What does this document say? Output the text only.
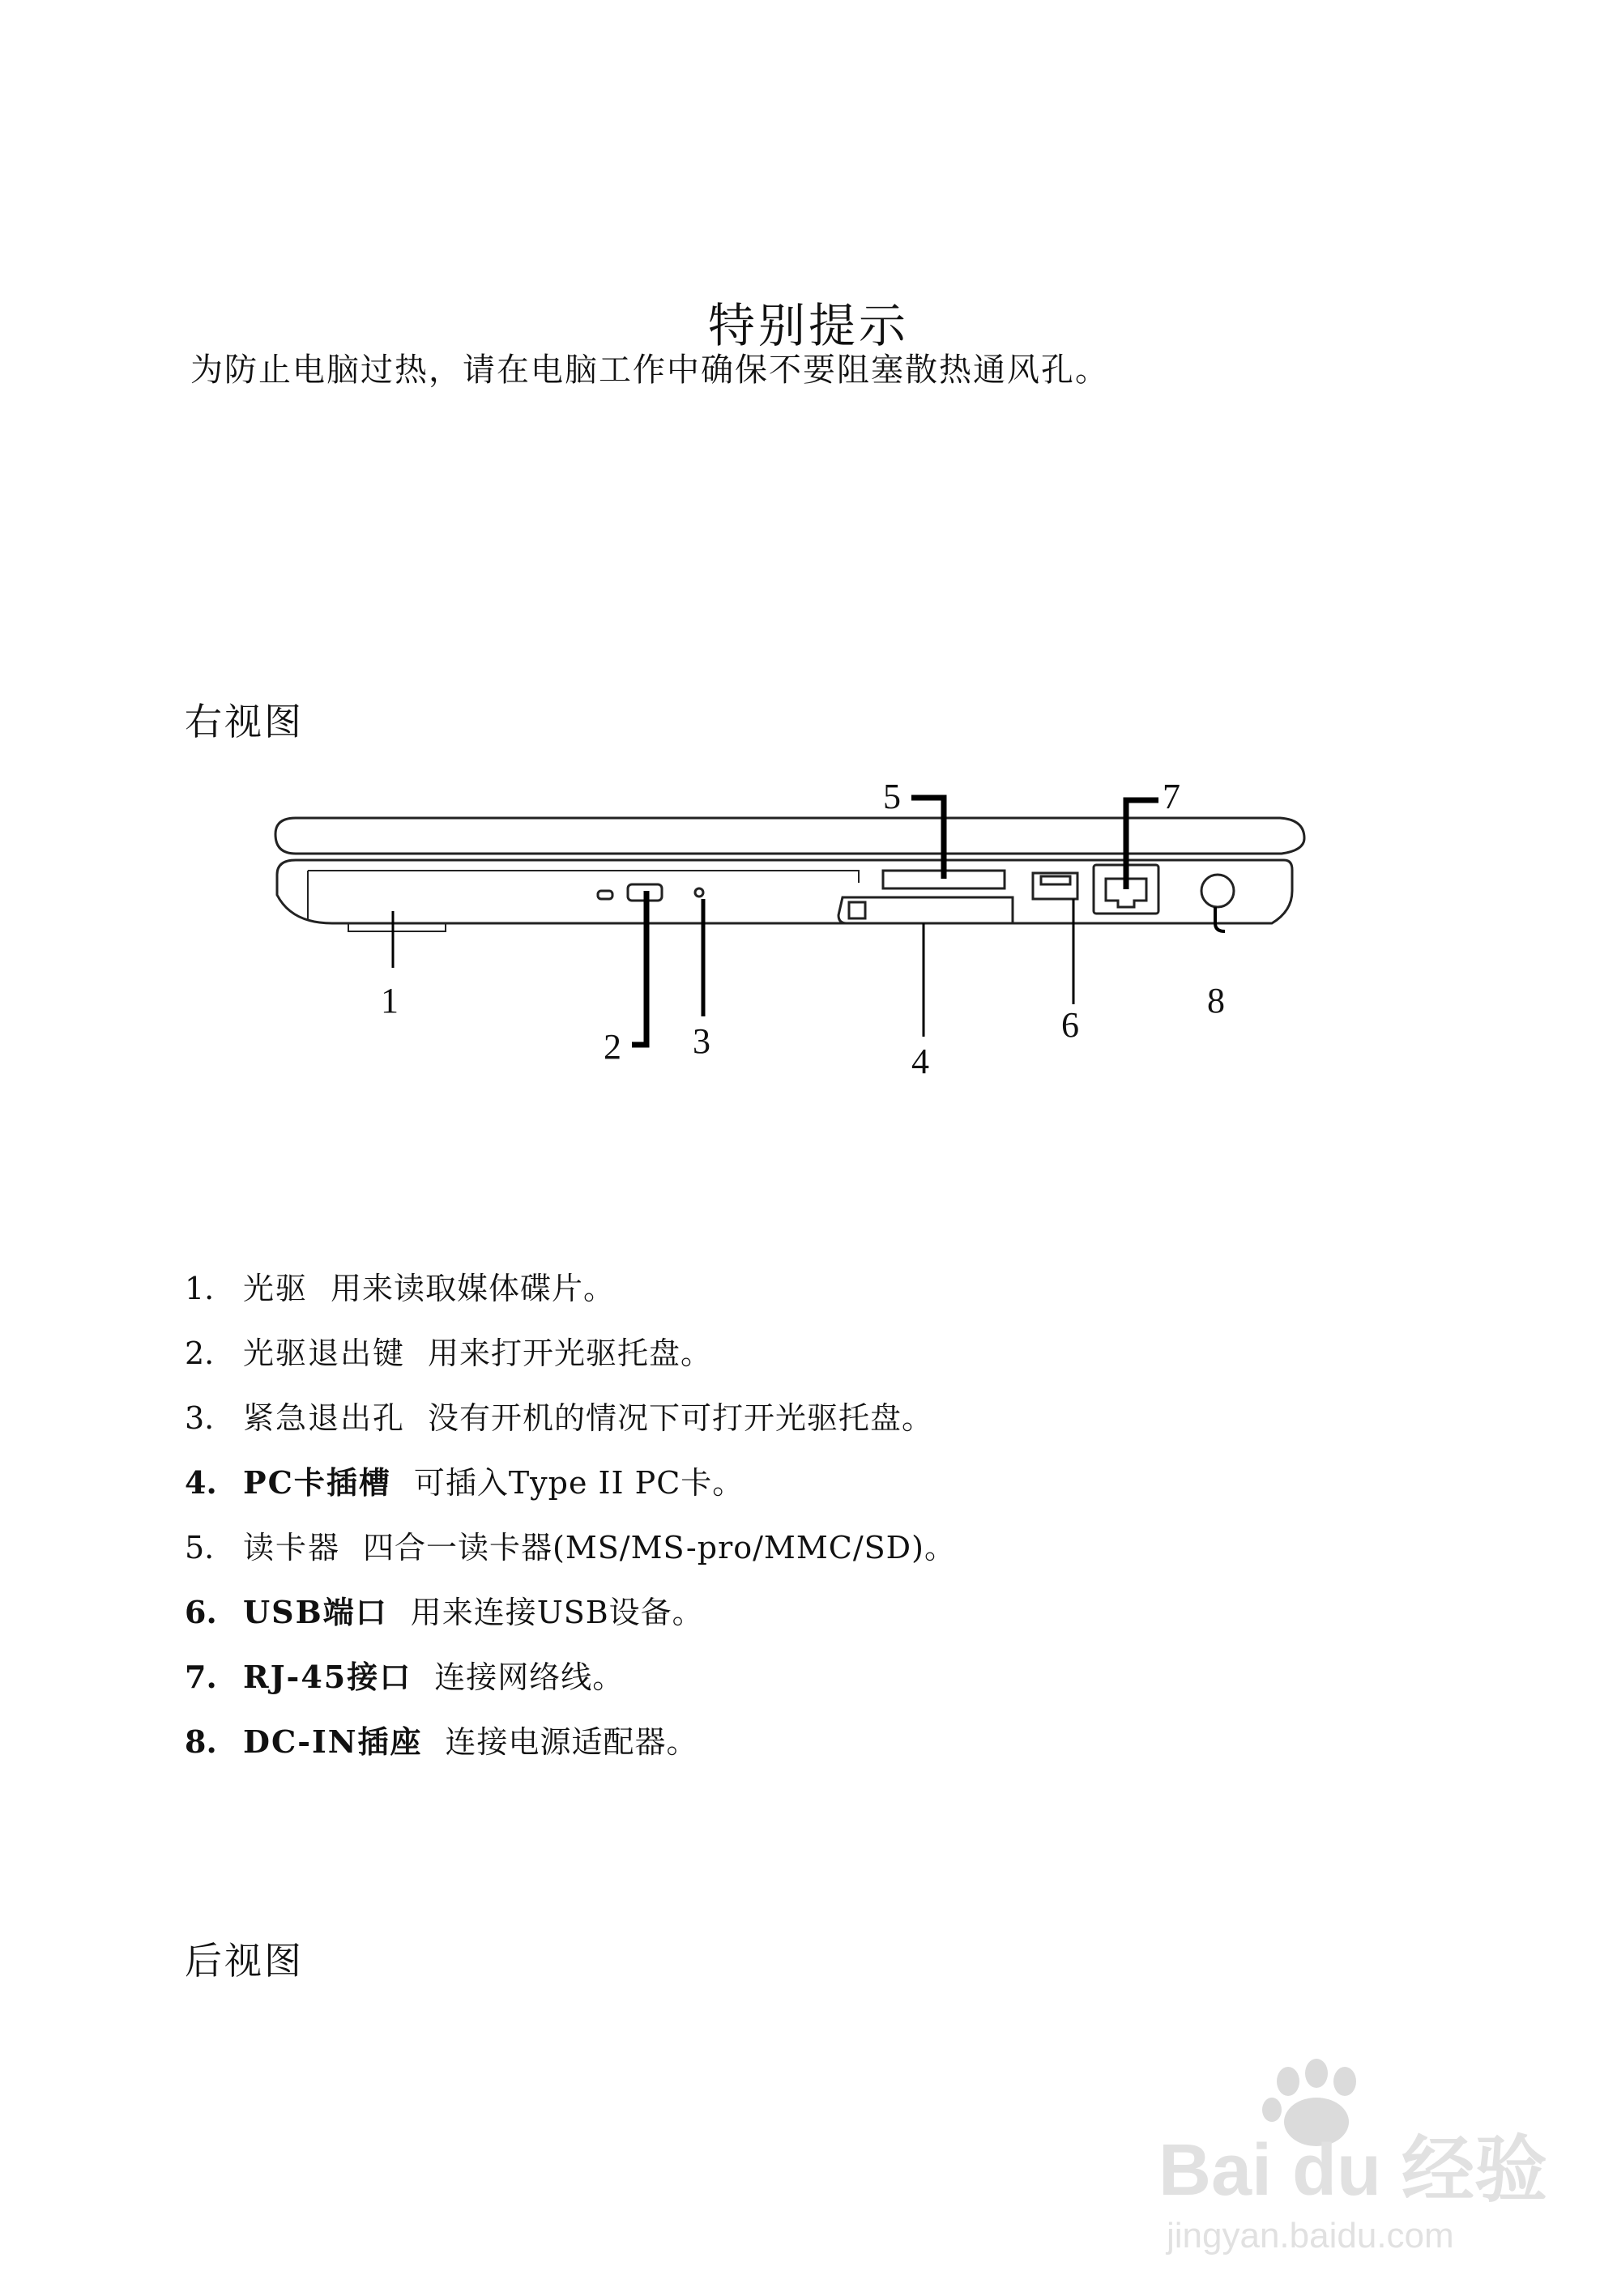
特别提示
为防止电脑过热，请在电脑工作中确保不要阻塞散热通风孔。
右视图
1
2 3
4
5
6
7
8
1. 光驱 用来读取媒体碟片。
2. 光驱退出键 用来打开光驱托盘。
3. 紧急退出孔 没有开机的情况下可打开光驱托盘。
4. PC卡插槽 可插入Type II PC卡。
5. 读卡器 四合一读卡器(MS/MS-pro/MMC/SD)。
6. USB端口 用来连接USB设备。
7. RJ-45接口 连接网络线。
8. DC-IN插座 连接电源适配器。
后视图
Bai du 经验
jingyan.baidu.com
